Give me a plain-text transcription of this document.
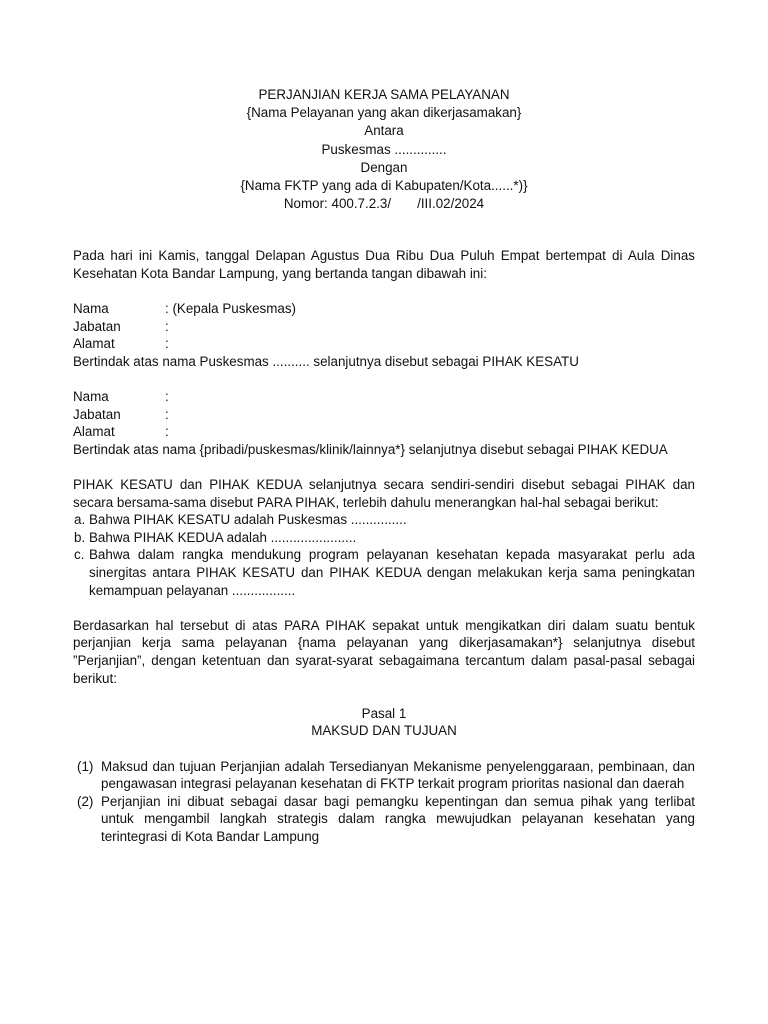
PERJANJIAN KERJA SAMA PELAYANAN
{Nama Pelayanan yang akan dikerjasamakan}
Antara
Puskesmas ..............
Dengan
{Nama FKTP yang ada di Kabupaten/Kota......*)}
Nomor: 400.7.2.3/       /III.02/2024
Pada hari ini Kamis, tanggal Delapan Agustus Dua Ribu Dua Puluh Empat bertempat di Aula Dinas Kesehatan Kota Bandar Lampung, yang bertanda tangan dibawah ini:
Nama	: (Kepala Puskesmas)
Jabatan	:
Alamat	:
Bertindak atas nama Puskesmas .......... selanjutnya disebut sebagai PIHAK KESATU
Nama	:
Jabatan	:
Alamat	:
Bertindak atas nama {pribadi/puskesmas/klinik/lainnya*} selanjutnya disebut sebagai PIHAK KEDUA
PIHAK KESATU dan PIHAK KEDUA selanjutnya secara sendiri-sendiri disebut sebagai PIHAK dan secara bersama-sama disebut PARA PIHAK, terlebih dahulu menerangkan hal-hal sebagai berikut:
a. Bahwa PIHAK KESATU adalah Puskesmas ...............
b. Bahwa PIHAK KEDUA adalah .......................
c. Bahwa dalam rangka mendukung program pelayanan kesehatan kepada masyarakat perlu ada sinergitas antara PIHAK KESATU dan PIHAK KEDUA dengan melakukan kerja sama peningkatan kemampuan pelayanan .................
Berdasarkan hal tersebut di atas PARA PIHAK sepakat untuk mengikatkan diri dalam suatu bentuk perjanjian kerja sama pelayanan {nama pelayanan yang dikerjasamakan*} selanjutnya disebut ”Perjanjian”, dengan ketentuan dan syarat-syarat sebagaimana tercantum dalam pasal-pasal sebagai berikut:
Pasal 1
MAKSUD DAN TUJUAN
(1) Maksud dan tujuan Perjanjian adalah Tersedianyan Mekanisme penyelenggaraan, pembinaan, dan pengawasan integrasi pelayanan kesehatan di FKTP terkait program prioritas nasional dan daerah
(2) Perjanjian ini dibuat sebagai dasar bagi pemangku kepentingan dan semua pihak yang terlibat untuk mengambil langkah strategis dalam rangka mewujudkan pelayanan kesehatan yang terintegrasi di Kota Bandar Lampung
